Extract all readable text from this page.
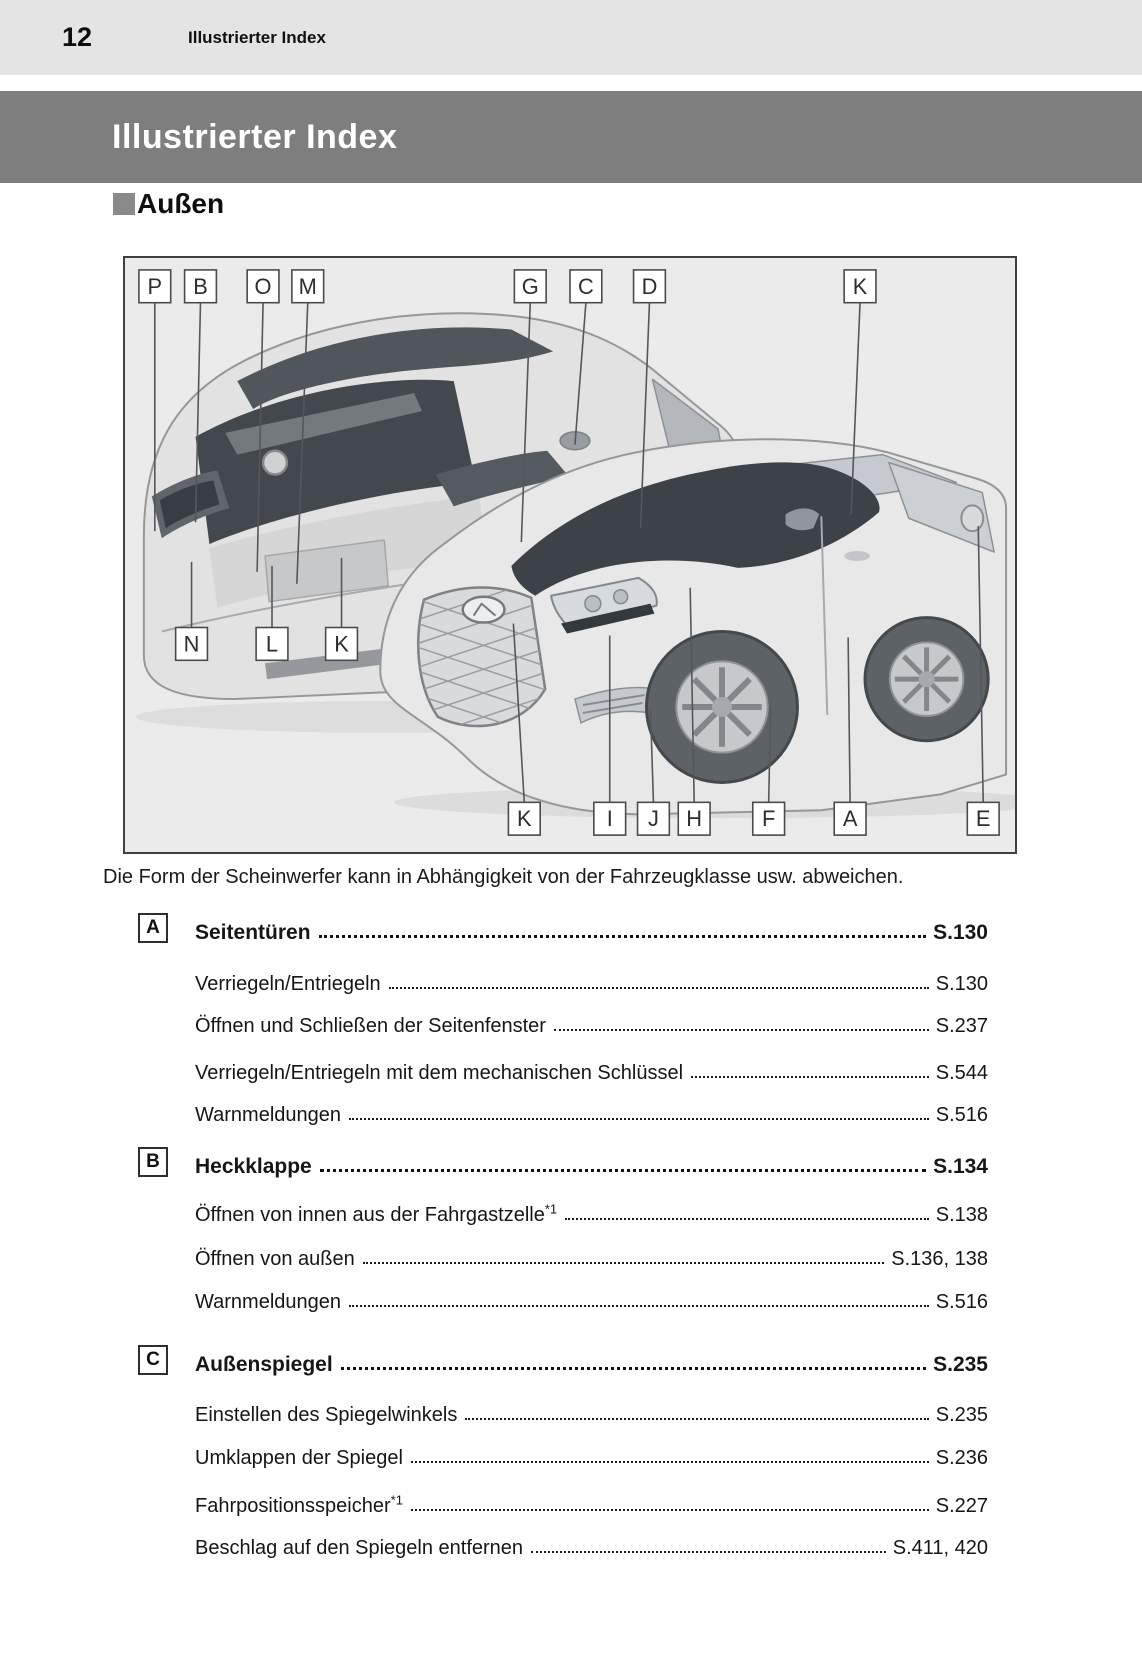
12	Illustrierter Index
Illustrierter Index
Außen
P B O M	G C D	K
N	L	K
K	I J H	F	A	E
Die Form der Scheinwerfer kann in Abhängigkeit von der Fahrzeugklasse usw. abweichen.
A	Seitentüren	S.130
Verriegeln/Entriegeln	S.130
Öffnen und Schließen der Seitenfenster	S.237
Verriegeln/Entriegeln mit dem mechanischen Schlüssel	S.544
Warnmeldungen	S.516
B	Heckklappe	S.134
Öffnen von innen aus der Fahrgastzelle$^{*1}$	S.138
Öffnen von außen	S.136, 138
Warnmeldungen	S.516
C	Außenspiegel	S.235
Einstellen des Spiegelwinkels	S.235
Umklappen der Spiegel	S.236
Fahrpositionsspeicher$^{*1}$	S.227
Beschlag auf den Spiegeln entfernen	S.411, 420
